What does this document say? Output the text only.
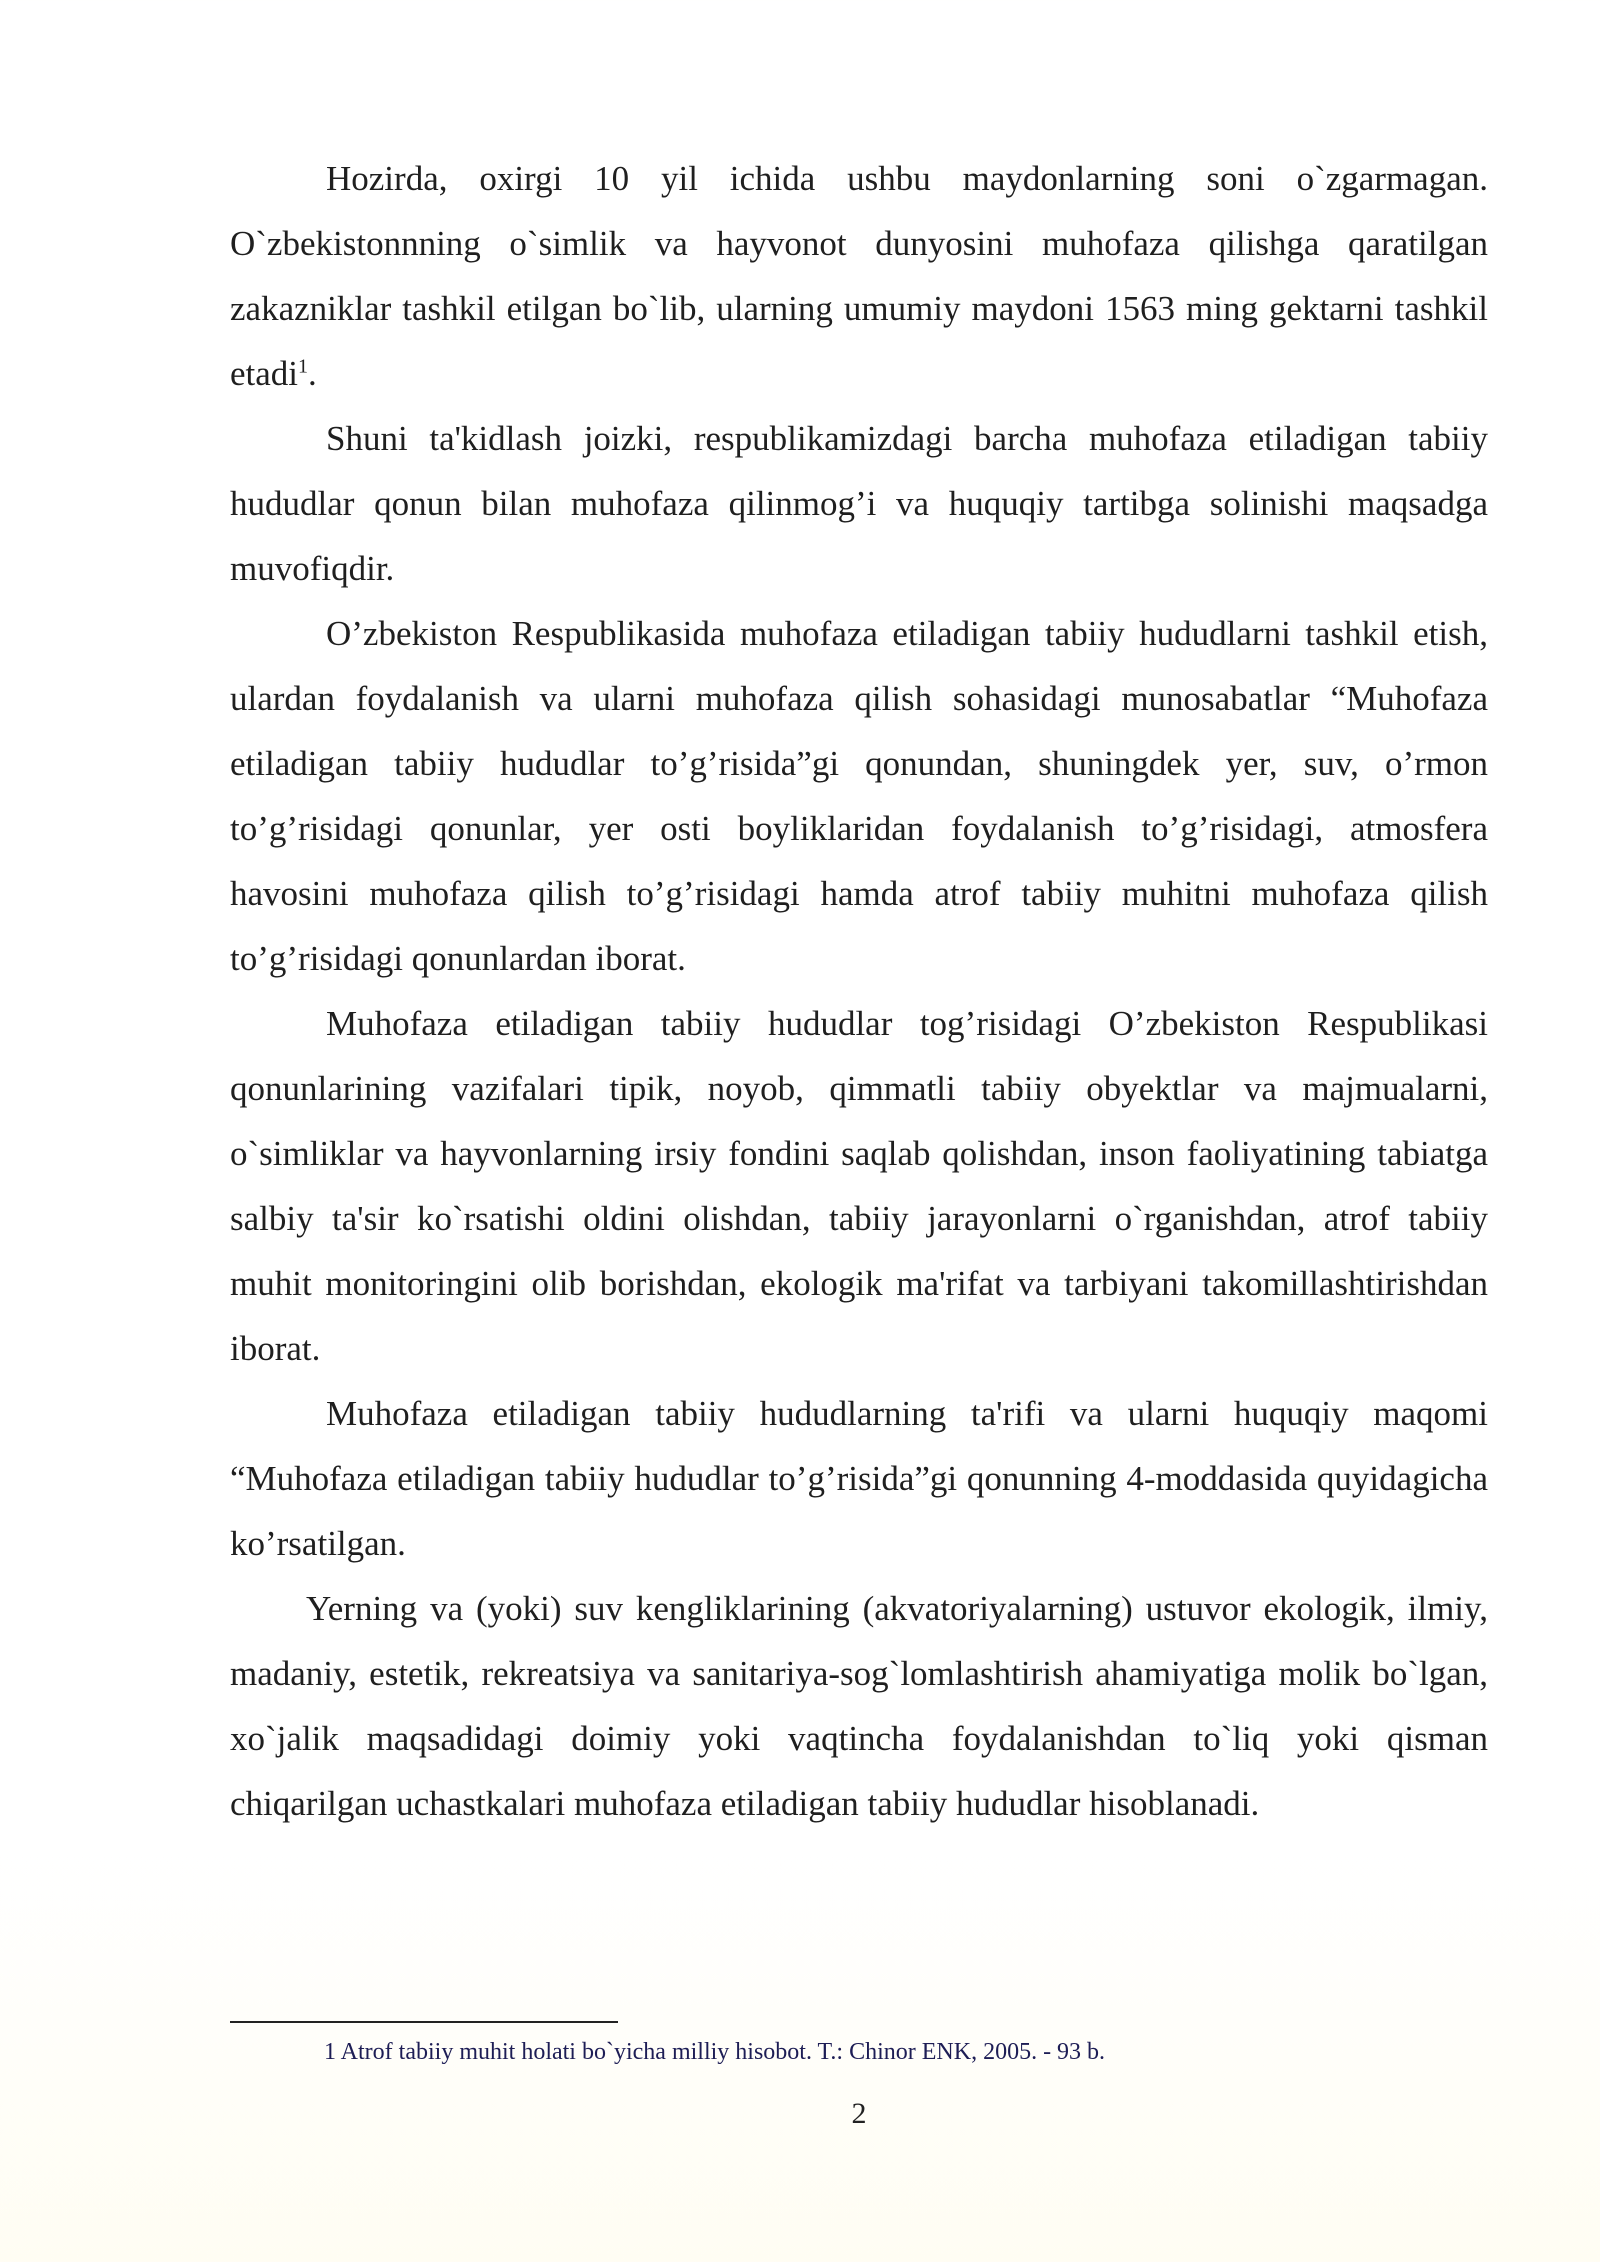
Hozirda, oxirgi 10 yil ichida ushbu maydonlarning soni o`zgarmagan. O`zbekistonnning o`simlik va hayvonot dunyosini muhofaza qilishga qaratilgan zakazniklar tashkil etilgan bo`lib, ularning umumiy maydoni 1563 ming gektarni tashkil etadi$^1$.

Shuni ta'kidlash joizki, respublikamizdagi barcha muhofaza etiladigan tabiiy hududlar qonun bilan muhofaza qilinmog’i va huquqiy tartibga solinishi maqsadga muvofiqdir.

O’zbekiston Respublikasida muhofaza etiladigan tabiiy hududlarni tashkil etish, ulardan foydalanish va ularni muhofaza qilish sohasidagi munosabatlar “Muhofaza etiladigan tabiiy hududlar to’g’risida”gi qonundan, shuningdek yer, suv, o’rmon to’g’risidagi qonunlar, yer osti boyliklaridan foydalanish to’g’risidagi, atmosfera havosini muhofaza qilish to’g’risidagi hamda atrof tabiiy muhitni muhofaza qilish to’g’risidagi qonunlardan iborat.

Muhofaza etiladigan tabiiy hududlar tog’risidagi O’zbekiston Respublikasi qonunlarining vazifalari tipik, noyob, qimmatli tabiiy obyektlar va majmualarni, o`simliklar va hayvonlarning irsiy fondini saqlab qolishdan, inson faoliyatining tabiatga salbiy ta'sir ko`rsatishi oldini olishdan, tabiiy jarayonlarni o`rganishdan, atrof tabiiy muhit monitoringini olib borishdan, ekologik ma'rifat va tarbiyani takomillashtirishdan iborat.

Muhofaza etiladigan tabiiy hududlarning ta'rifi va ularni huquqiy maqomi “Muhofaza etiladigan tabiiy hududlar to’g’risida”gi qonunning 4-moddasida quyidagicha ko’rsatilgan.

Yerning va (yoki) suv kengliklarining (akvatoriyalarning) ustuvor ekologik, ilmiy, madaniy, estetik, rekreatsiya va sanitariya-sog`lomlashtirish ahamiyatiga molik bo`lgan, xo`jalik maqsadidagi doimiy yoki vaqtincha foydalanishdan to`liq yoki qisman chiqarilgan uchastkalari muhofaza etiladigan tabiiy hududlar hisoblanadi.

1 Atrof tabiiy muhit holati bo`yicha milliy hisobot. T.: Chinor ENK, 2005. - 93 b.
2
